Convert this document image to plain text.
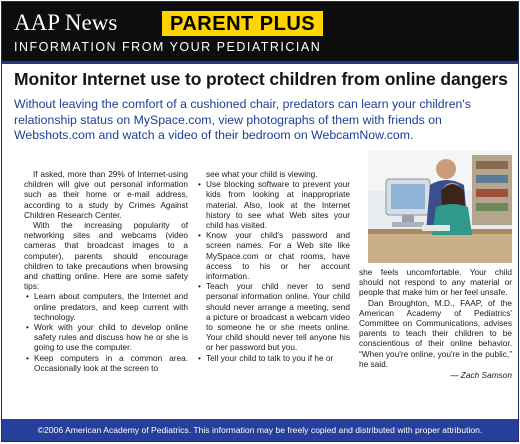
AAP News	PARENT PLUS
INFORMATION FROM YOUR PEDIATRICIAN
Monitor Internet use to protect children from online dangers
Without leaving the comfort of a cushioned chair, predators can learn your children's relationship status on MySpace.com, view photographs of them with friends on Webshots.com and watch a video of their bedroom on WebcamNow.com.

If asked, more than 29% of Internet-using children will give out personal information such as their home or e-mail address, according to a study by Crimes Against Children Research Center.

With the increasing popularity of networking sites and webcams (video cameras that broadcast images to a computer), parents should encourage children to take precautions when browsing and chatting online. Here are some safety tips:

• Learn about computers, the Internet and online predators, and keep current with technology.
• Work with your child to develop online safety rules and discuss how he or she is going to use the computer.
• Keep computers in a common area. Occasionally look at the screen to
see what your child is viewing.
• Use blocking software to prevent your kids from looking at inappropriate material. Also, look at the Internet history to see what Web sites your child has visited.
• Know your child's password and screen names. For a Web site like MySpace.com or chat rooms, have access to his or her account information.
• Teach your child never to send personal information online. Your child should never arrange a meeting, send a picture or broadcast a webcam video to someone he or she meets online. Your child should never tell anyone his or her password but you.
• Tell your child to talk to you if he or
she feels uncomfortable. Your child should not respond to any material or people that make him or her feel unsafe.

Dan Broughton, M.D., FAAP, of the American Academy of Pediatrics' Committee on Communications, advises parents to teach their children to be conscientious of their online behavior. “When you're online, you're in the public,” he said.

— Zach Samson
©2006 American Academy of Pediatrics. This information may be freely copied and distributed with proper attribution.
